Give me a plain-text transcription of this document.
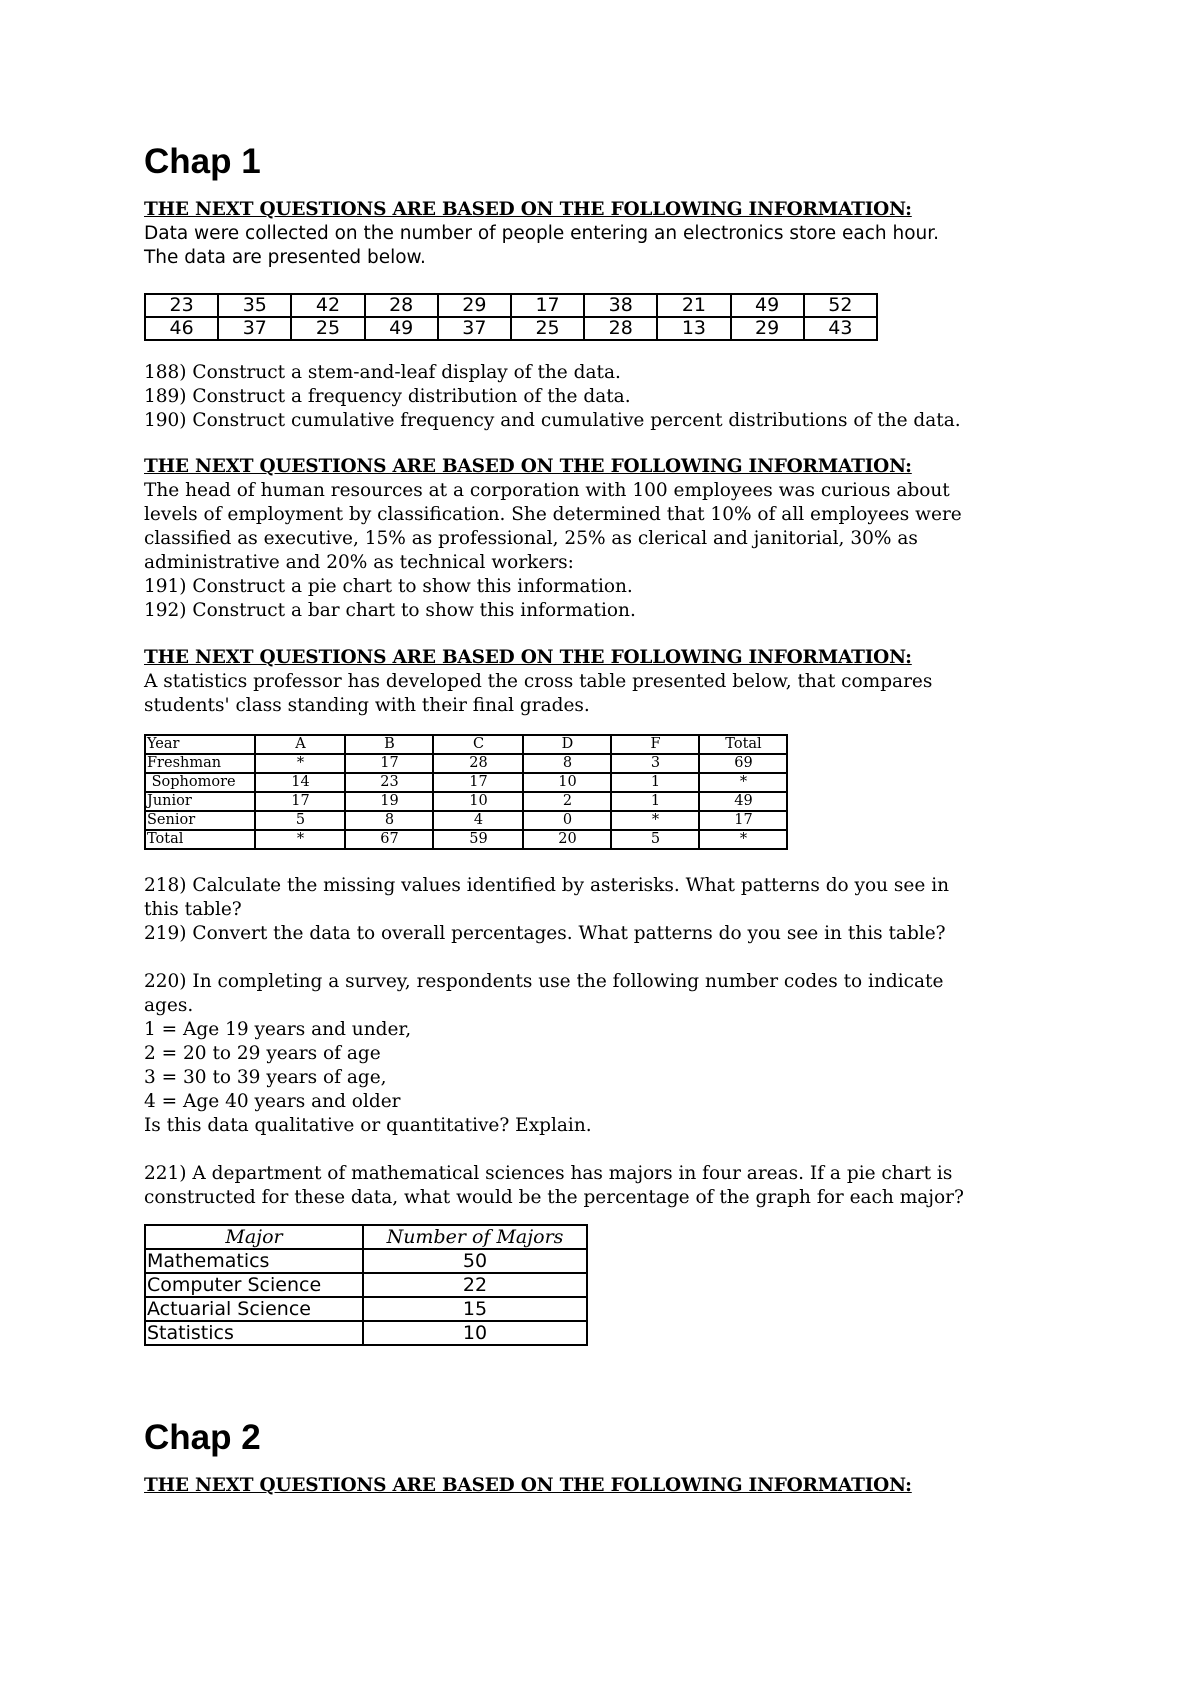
Chap 1

THE NEXT QUESTIONS ARE BASED ON THE FOLLOWING INFORMATION:

Data were collected on the number of people entering an electronics store each hour.

The data are presented below.

23	35	42	28	29	17	38	21	49	52
46	37	25	49	37	25	28	13	29	43

188) Construct a stem-and-leaf display of the data.

189) Construct a frequency distribution of the data.

190) Construct cumulative frequency and cumulative percent distributions of the data.

THE NEXT QUESTIONS ARE BASED ON THE FOLLOWING INFORMATION:

The head of human resources at a corporation with 100 employees was curious about

levels of employment by classification. She determined that 10% of all employees were

classified as executive, 15% as professional, 25% as clerical and janitorial, 30% as

administrative and 20% as technical workers:

191) Construct a pie chart to show this information.

192) Construct a bar chart to show this information.

THE NEXT QUESTIONS ARE BASED ON THE FOLLOWING INFORMATION:

A statistics professor has developed the cross table presented below, that compares

students' class standing with their final grades.

Year	A	B	C	D	F	Total
Freshman	*	17	28	8	3	69
Sophomore	14	23	17	10	1	*
Junior	17	19	10	2	1	49
Senior	5	8	4	0	*	17
Total	*	67	59	20	5	*

218) Calculate the missing values identified by asterisks. What patterns do you see in

this table?

219) Convert the data to overall percentages. What patterns do you see in this table?

220) In completing a survey, respondents use the following number codes to indicate

ages.

1 = Age 19 years and under,

2 = 20 to 29 years of age

3 = 30 to 39 years of age,

4 = Age 40 years and older

Is this data qualitative or quantitative? Explain.

221) A department of mathematical sciences has majors in four areas. If a pie chart is

constructed for these data, what would be the percentage of the graph for each major?

Major	Number of Majors
Mathematics	50
Computer Science	22
Actuarial Science	15
Statistics	10
Chap 2

THE NEXT QUESTIONS ARE BASED ON THE FOLLOWING INFORMATION:
